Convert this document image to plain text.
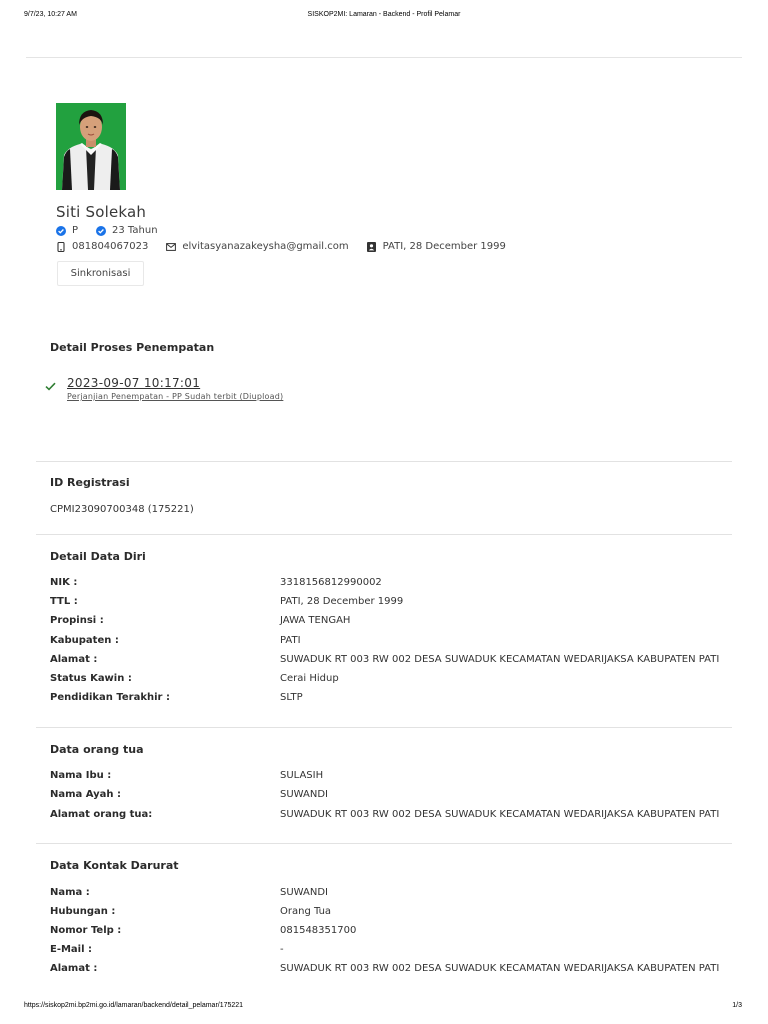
9/7/23, 10:27 AM	SISKOP2MI: Lamaran - Backend - Profil Pelamar
Siti Solekah
P	23 Tahun
081804067023	elvitasyanazakeysha@gmail.com	PATI, 28 December 1999
Sinkronisasi
Detail Proses Penempatan
2023-09-07 10:17:01
Perjanjian Penempatan - PP Sudah terbit (Diupload)
ID Registrasi
CPMI23090700348 (175221)
Detail Data Diri
NIK :	3318156812990002
TTL :	PATI, 28 December 1999
Propinsi :	JAWA TENGAH
Kabupaten :	PATI
Alamat :	SUWADUK RT 003 RW 002 DESA SUWADUK KECAMATAN WEDARIJAKSA KABUPATEN PATI
Status Kawin :	Cerai Hidup
Pendidikan Terakhir :	SLTP
Data orang tua
Nama Ibu :	SULASIH
Nama Ayah :	SUWANDI
Alamat orang tua:	SUWADUK RT 003 RW 002 DESA SUWADUK KECAMATAN WEDARIJAKSA KABUPATEN PATI
Data Kontak Darurat
Nama :	SUWANDI
Hubungan :	Orang Tua
Nomor Telp :	081548351700
E-Mail :	-
Alamat :	SUWADUK RT 003 RW 002 DESA SUWADUK KECAMATAN WEDARIJAKSA KABUPATEN PATI
https://siskop2mi.bp2mi.go.id/lamaran/backend/detail_pelamar/175221	1/3
